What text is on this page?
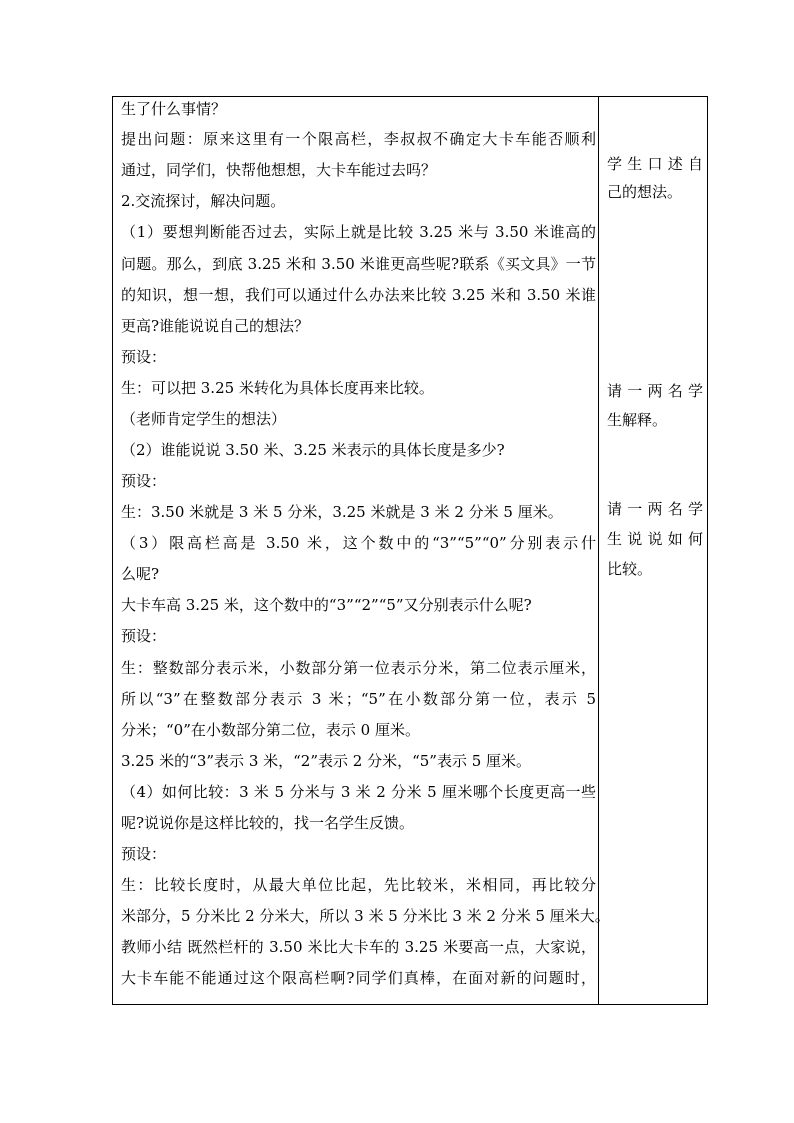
生了什么事情？
提出问题：原来这里有一个限高栏，李叔叔不确定大卡车能否顺利
通过，同学们，快帮他想想，大卡车能过去吗？
2.交流探讨，解决问题。
（1）要想判断能否过去，实际上就是比较 3.25 米与 3.50 米谁高的
问题。那么，到底 3.25 米和 3.50 米谁更高些呢?联系《买文具》一节
的知识，想一想，我们可以通过什么办法来比较 3.25 米和 3.50 米谁
更高?谁能说说自己的想法？
预设：
生：可以把 3.25 米转化为具体长度再来比较。
（老师肯定学生的想法）
（2）谁能说说 3.50 米、3.25 米表示的具体长度是多少?
预设：
生：3.50 米就是 3 米 5 分米，3.25 米就是 3 米 2 分米 5 厘米。
（3）限高栏高是 3.50 米，这个数中的“3”“5”“0”分别表示什
么呢?
大卡车高 3.25 米，这个数中的“3”“2”“5”又分别表示什么呢?
预设：
生：整数部分表示米，小数部分第一位表示分米，第二位表示厘米，
所以“3”在整数部分表示 3 米；“5”在小数部分第一位，表示 5
分米；“0”在小数部分第二位，表示 0 厘米。
3.25 米的“3”表示 3 米，“2”表示 2 分米，“5”表示 5 厘米。
（4）如何比较：3 米 5 分米与 3 米 2 分米 5 厘米哪个长度更高一些
呢?说说你是这样比较的，找一名学生反馈。
预设：
生：比较长度时，从最大单位比起，先比较米，米相同，再比较分
米部分，5 分米比 2 分米大，所以 3 米 5 分米比 3 米 2 分米 5 厘米大。
教师小结 既然栏杆的 3.50 米比大卡车的 3.25 米要高一点，大家说，
大卡车能不能通过这个限高栏啊?同学们真棒，在面对新的问题时，
学生口述自
己的想法。
请一两名学
生解释。
请一两名学
生说说如何
比较。
